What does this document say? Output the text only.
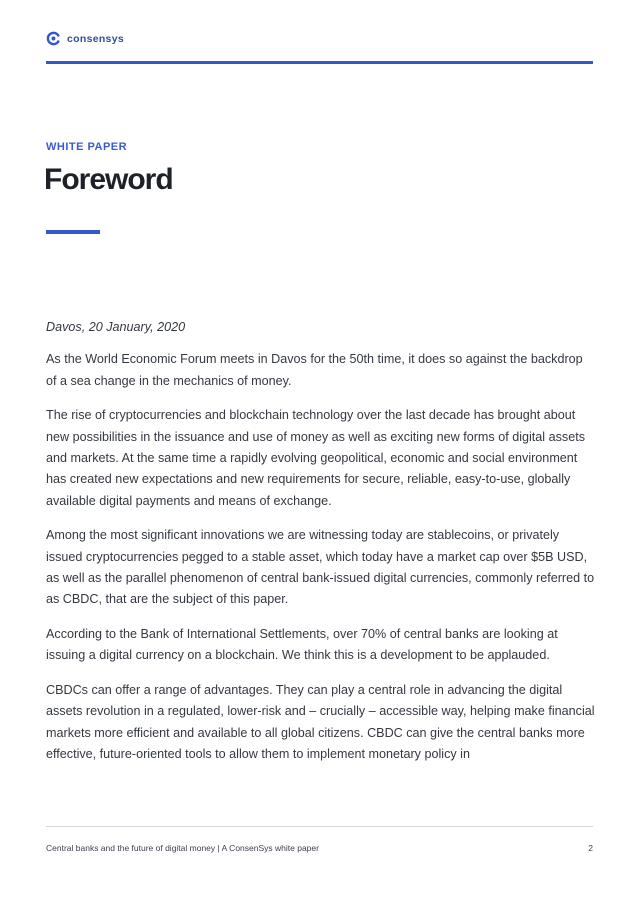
consensys
WHITE PAPER
Foreword

Davos, 20 January, 2020

As the World Economic Forum meets in Davos for the 50th time, it does so against the backdrop of a sea change in the mechanics of money.

The rise of cryptocurrencies and blockchain technology over the last decade has brought about new possibilities in the issuance and use of money as well as exciting new forms of digital assets and markets. At the same time a rapidly evolving geopolitical, economic and social environment has created new expectations and new requirements for secure, reliable, easy-to-use, globally available digital payments and means of exchange.

Among the most significant innovations we are witnessing today are stablecoins, or privately issued cryptocurrencies pegged to a stable asset, which today have a market cap over $5B USD, as well as the parallel phenomenon of central bank-issued digital currencies, commonly referred to as CBDC, that are the subject of this paper.

According to the Bank of International Settlements, over 70% of central banks are looking at issuing a digital currency on a blockchain. We think this is a development to be applauded.

CBDCs can offer a range of advantages. They can play a central role in advancing the digital assets revolution in a regulated, lower-risk and – crucially – accessible way, helping make financial markets more efficient and available to all global citizens. CBDC can give the central banks more effective, future-oriented tools to allow them to implement monetary policy in

Central banks and the future of digital money | A ConsenSys white paper	2
